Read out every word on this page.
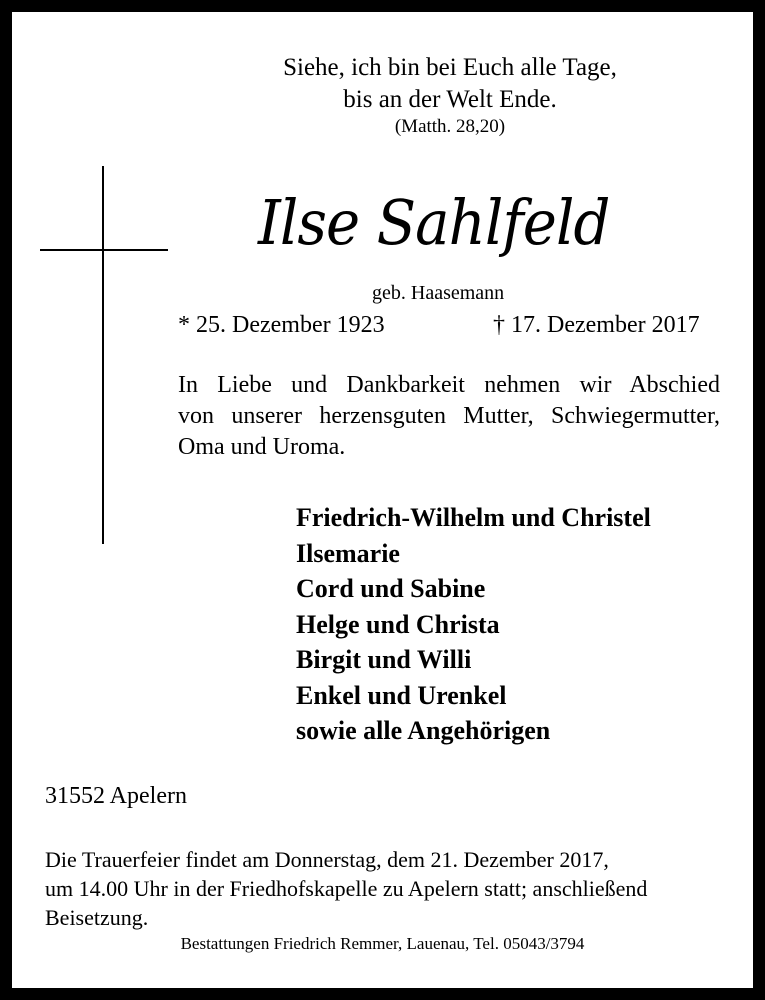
Siehe, ich bin bei Euch alle Tage,
bis an der Welt Ende.
(Matth. 28,20)
Ilse Sahlfeld
geb. Haasemann
* 25. Dezember 1923	† 17. Dezember 2017
In Liebe und Dankbarkeit nehmen wir Abschied
von unserer herzensguten Mutter, Schwiegermutter,
Oma und Uroma.
Friedrich-Wilhelm und Christel
Ilsemarie
Cord und Sabine
Helge und Christa
Birgit und Willi
Enkel und Urenkel
sowie alle Angehörigen
31552 Apelern
Die Trauerfeier findet am Donnerstag, dem 21. Dezember 2017,
um 14.00 Uhr in der Friedhofskapelle zu Apelern statt; anschließend
Beisetzung.
Bestattungen Friedrich Remmer, Lauenau, Tel. 05043/3794
